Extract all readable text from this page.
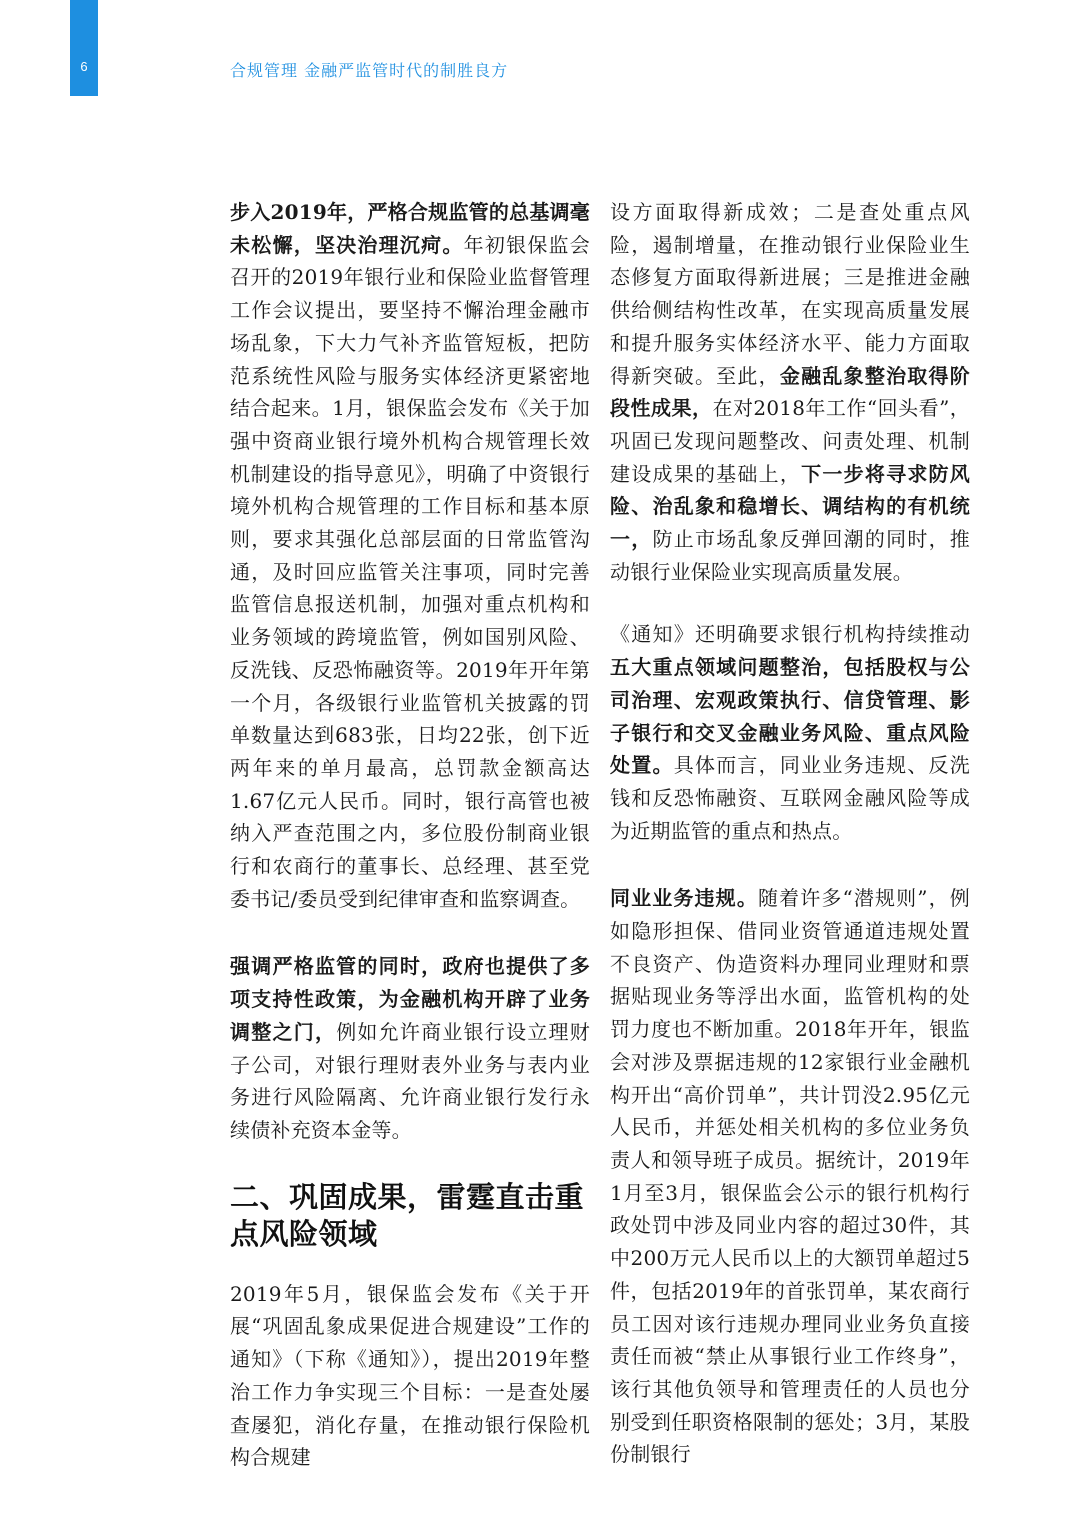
6	合规管理 金融严监管时代的制胜良方

步入2019年，严格合规监管的总基调毫未松懈，坚决治理沉疴。年初银保监会召开的2019年银行业和保险业监督管理工作会议提出，要坚持不懈治理金融市场乱象，下大力气补齐监管短板，把防范系统性风险与服务实体经济更紧密地结合起来。1月，银保监会发布《关于加强中资商业银行境外机构合规管理长效机制建设的指导意见》，明确了中资银行境外机构合规管理的工作目标和基本原则，要求其强化总部层面的日常监管沟通，及时回应监管关注事项，同时完善监管信息报送机制，加强对重点机构和业务领域的跨境监管，例如国别风险、反洗钱、反恐怖融资等。2019年开年第一个月，各级银行业监管机关披露的罚单数量达到683张，日均22张，创下近两年来的单月最高，总罚款金额高达1.67亿元人民币。同时，银行高管也被纳入严查范围之内，多位股份制商业银行和农商行的董事长、总经理、甚至党委书记/委员受到纪律审查和监察调查。

强调严格监管的同时，政府也提供了多项支持性政策，为金融机构开辟了业务调整之门，例如允许商业银行设立理财子公司，对银行理财表外业务与表内业务进行风险隔离、允许商业银行发行永续债补充资本金等。

二、巩固成果，雷霆直击重点风险领域

2019年5月，银保监会发布《关于开展“巩固乱象成果促进合规建设”工作的通知》（下称《通知》），提出2019年整治工作力争实现三个目标：一是查处屡查屡犯，消化存量，在推动银行保险机构合规建

设方面取得新成效；二是查处重点风险，遏制增量，在推动银行业保险业生态修复方面取得新进展；三是推进金融供给侧结构性改革，在实现高质量发展和提升服务实体经济水平、能力方面取得新突破。至此，金融乱象整治取得阶段性成果，在对2018年工作“回头看”，巩固已发现问题整改、问责处理、机制建设成果的基础上，下一步将寻求防风险、治乱象和稳增长、调结构的有机统一，防止市场乱象反弹回潮的同时，推动银行业保险业实现高质量发展。

《通知》还明确要求银行机构持续推动五大重点领域问题整治，包括股权与公司治理、宏观政策执行、信贷管理、影子银行和交叉金融业务风险、重点风险处置。具体而言，同业业务违规、反洗钱和反恐怖融资、互联网金融风险等成为近期监管的重点和热点。

同业业务违规。随着许多“潜规则”，例如隐形担保、借同业资管通道违规处置不良资产、伪造资料办理同业理财和票据贴现业务等浮出水面，监管机构的处罚力度也不断加重。2018年开年，银监会对涉及票据违规的12家银行业金融机构开出“高价罚单”，共计罚没2.95亿元人民币，并惩处相关机构的多位业务负责人和领导班子成员。据统计，2019年1月至3月，银保监会公示的银行机构行政处罚中涉及同业内容的超过30件，其中200万元人民币以上的大额罚单超过5件，包括2019年的首张罚单，某农商行员工因对该行违规办理同业业务负直接责任而被“禁止从事银行业工作终身”，该行其他负领导和管理责任的人员也分别受到任职资格限制的惩处；3月，某股份制银行
